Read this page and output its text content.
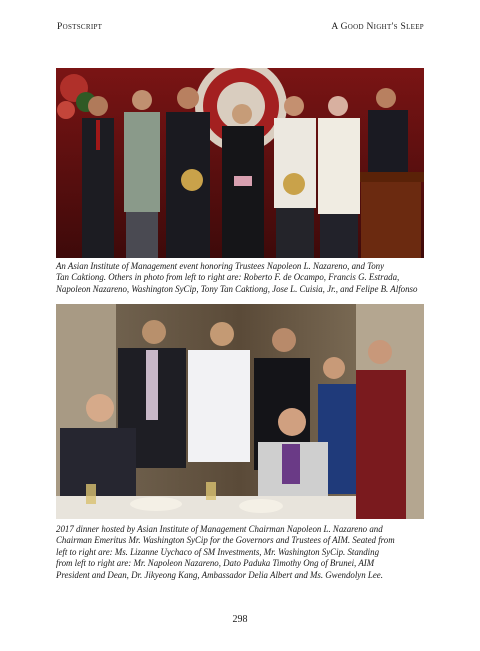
Postscript	A Good Night's Sleep
An Asian Institute of Management event honoring Trustees Napoleon L. Nazareno, and Tony
Tan Caktiong. Others in photo from left to right are: Roberto F. de Ocampo, Francis G. Estrada,
Napoleon Nazareno, Washington SyCip, Tony Tan Caktiong, Jose L. Cuisia, Jr., and Felipe B. Alfonso
2017 dinner hosted by Asian Institute of Management Chairman Napoleon L. Nazareno and
Chairman Emeritus Mr. Washington SyCip for the Governors and Trustees of AIM. Seated from
left to right are: Ms. Lizanne Uychaco of SM Investments, Mr. Washington SyCip. Standing
from left to right are: Mr. Napoleon Nazareno, Dato Paduka Timothy Ong of Brunei, AIM
President and Dean, Dr. Jikyeong Kang, Ambassador Delia Albert and Ms. Gwendolyn Lee.
298
